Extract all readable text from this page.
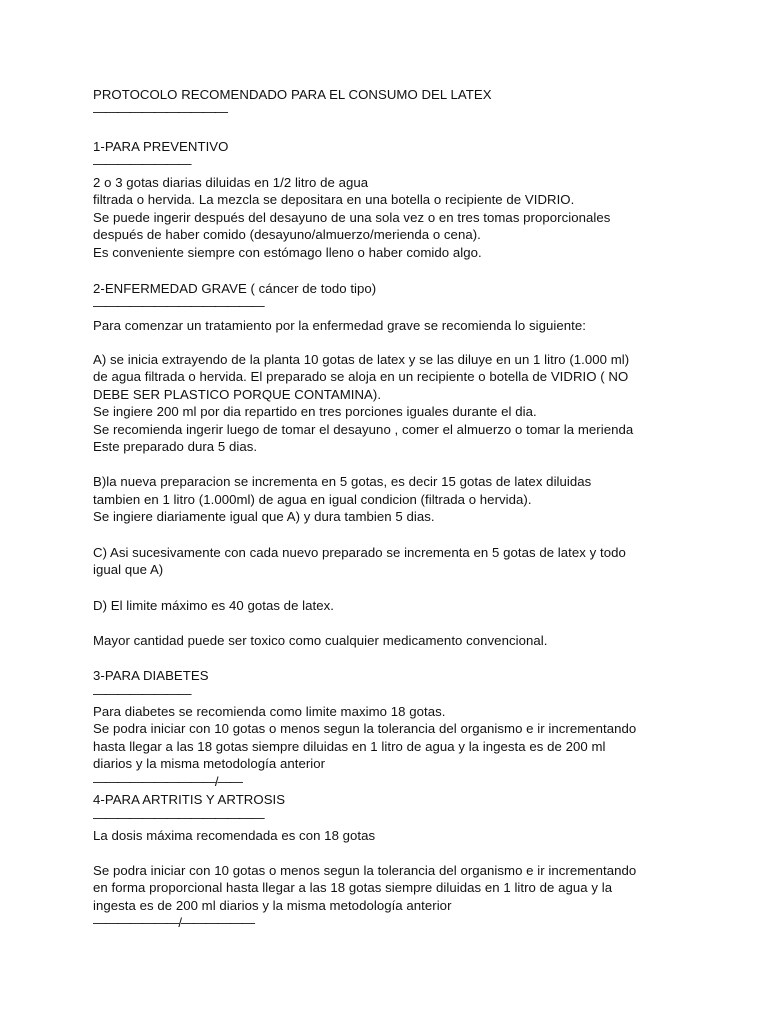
PROTOCOLO RECOMENDADO PARA EL CONSUMO DEL LATEX
———————————
1-PARA PREVENTIVO
————————
2 o 3 gotas diarias diluidas en 1/2 litro de agua
filtrada o hervida. La mezcla se depositara en una botella o recipiente de VIDRIO.
Se puede ingerir después del desayuno de una sola vez o en tres tomas proporcionales
después de haber comido (desayuno/almuerzo/merienda o cena).
Es conveniente siempre con estómago lleno o haber comido algo.
2-ENFERMEDAD GRAVE ( cáncer de todo tipo)
——————————————
Para comenzar un tratamiento por la enfermedad grave se recomienda lo siguiente:
A) se inicia extrayendo de la planta 10 gotas de latex y se las diluye en un 1 litro (1.000 ml)
de agua filtrada o hervida. El preparado se aloja en un recipiente o botella de VIDRIO ( NO
DEBE SER PLASTICO PORQUE CONTAMINA).
Se ingiere 200 ml por dia repartido en tres porciones iguales durante el dia.
Se recomienda ingerir luego de tomar el desayuno , comer el almuerzo o tomar la merienda
Este preparado dura 5 dias.
B)la nueva preparacion se incrementa en 5 gotas, es decir 15 gotas de latex diluidas
tambien en 1 litro (1.000ml) de agua en igual condicion (filtrada o hervida).
Se ingiere diariamente igual que A) y dura tambien 5 dias.
C) Asi sucesivamente con cada nuevo preparado se incrementa en 5 gotas de latex y todo
igual que A)
D) El limite máximo es 40 gotas de latex.
Mayor cantidad puede ser toxico como cualquier medicamento convencional.
3-PARA DIABETES
————————
Para diabetes se recomienda como limite maximo 18 gotas.
Se podra iniciar con 10 gotas o menos segun la tolerancia del organismo e ir incrementando
hasta llegar a las 18 gotas siempre diluidas en 1 litro de agua y la ingesta es de 200 ml
diarios y la misma metodología anterior
——————————/——
4-PARA ARTRITIS Y ARTROSIS
——————————————
La dosis máxima recomendada es con 18 gotas
Se podra iniciar con 10 gotas o menos segun la tolerancia del organismo e ir incrementando
en forma proporcional hasta llegar a las 18 gotas siempre diluidas en 1 litro de agua y la
ingesta es de 200 ml diarios y la misma metodología anterior
———————/——————
